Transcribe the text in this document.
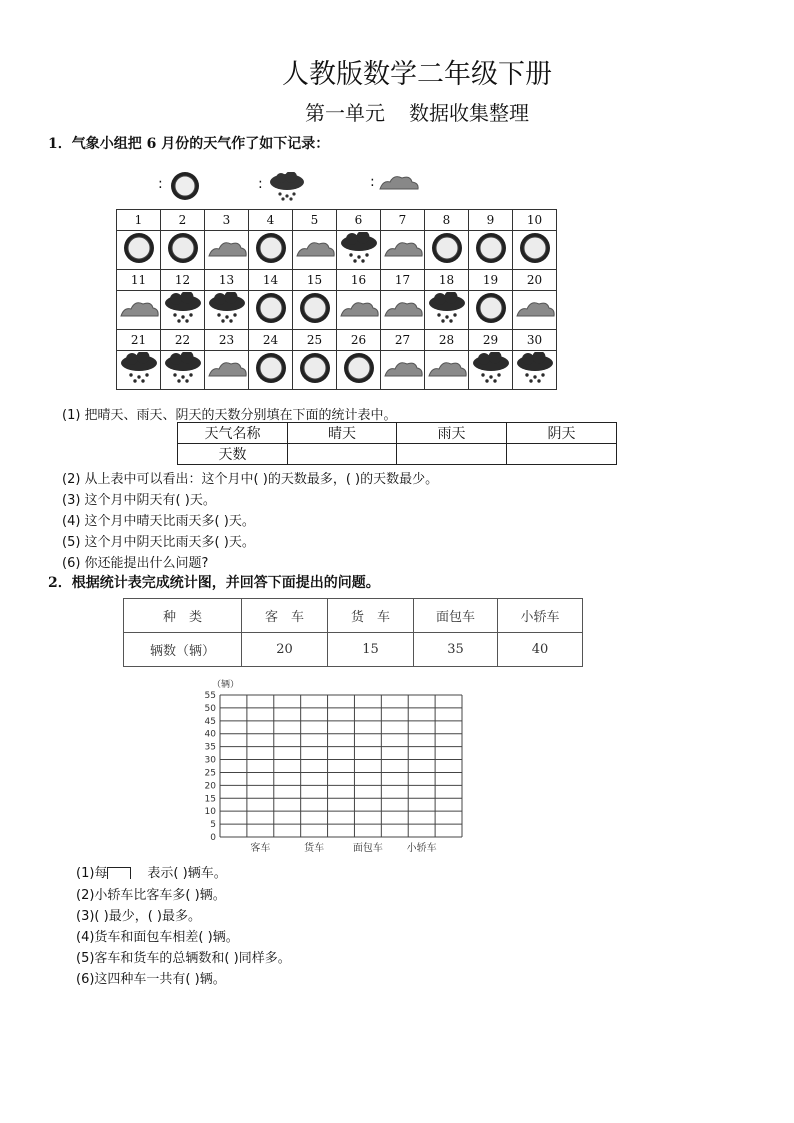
人教版数学二年级下册
第一单元 数据收集整理
1．气象小组把 6 月份的天气作了如下记录：
:	:	:
1	2	3	4	5	6	7	8	9	10

11	12	13	14	15	16	17	18	19	20

21	22	23	24	25	26	27	28	29	30

(1) 把晴天、雨天、阴天的天数分别填在下面的统计表中。
天气名称	晴天	雨天	阴天
天数			
(2) 从上表中可以看出：这个月中( )的天数最多，( )的天数最少。
(3) 这个月中阴天有( )天。
(4) 这个月中晴天比雨天多( )天。
(5) 这个月中阴天比雨天多( )天。
(6) 你还能提出什么问题?
2．根据统计表完成统计图，并回答下面提出的问题。
种　类	客　车	货　车	面包车	小轿车
辆数（辆）	20	15	35	40
55
50
45
40
35
30
25
20
15
10
5
0
（辆）
客车	货车	面包车 小轿车
(1)每	表示( )辆车。
(2)小轿车比客车多( )辆。
(3)( )最少，( )最多。
(4)货车和面包车相差( )辆。
(5)客车和货车的总辆数和( )同样多。
(6)这四种车一共有( )辆。
